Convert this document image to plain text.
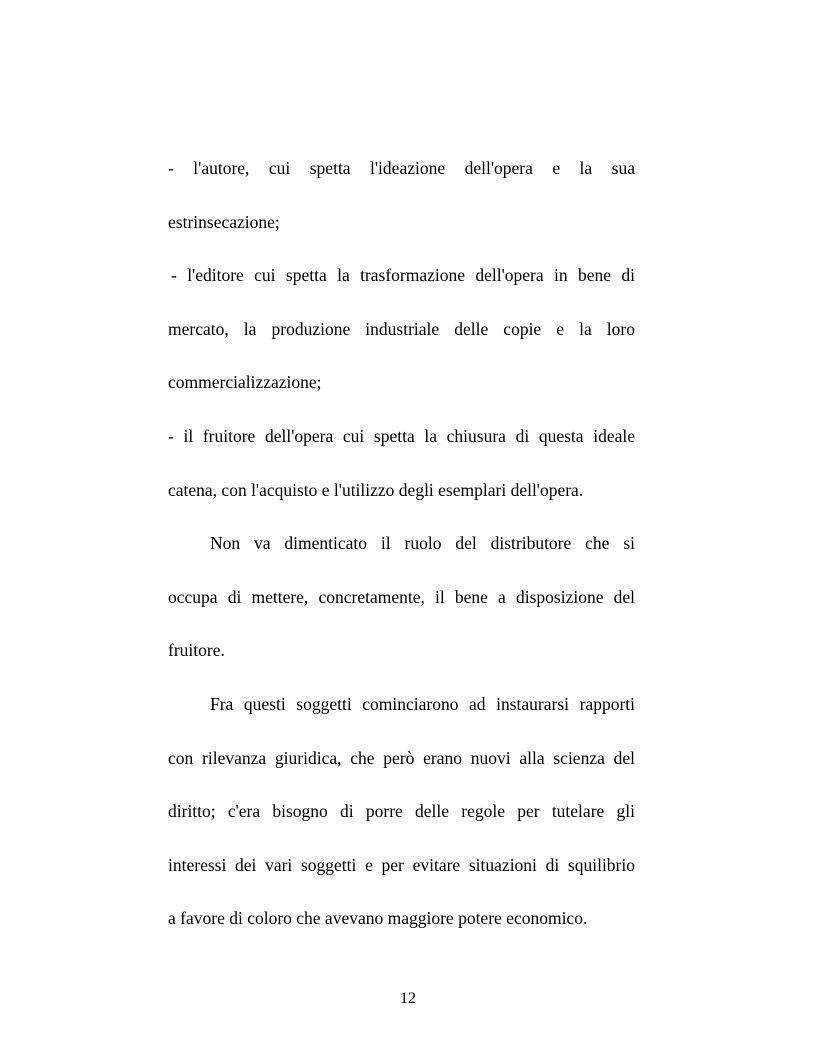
- l'autore, cui spetta l'ideazione dell'opera e la sua
estrinsecazione;
- l'editore cui spetta la trasformazione dell'opera in bene di
mercato, la produzione industriale delle copie e la loro
commercializzazione;
- il fruitore dell'opera cui spetta la chiusura di questa ideale
catena, con l'acquisto e l'utilizzo degli esemplari dell'opera.
Non va dimenticato il ruolo del distributore che si
occupa di mettere, concretamente, il bene a disposizione del
fruitore.
Fra questi soggetti cominciarono ad instaurarsi rapporti
con rilevanza giuridica, che però erano nuovi alla scienza del
diritto; c'era bisogno di porre delle regole per tutelare gli
interessi dei vari soggetti e per evitare situazioni di squilibrio
a favore di coloro che avevano maggiore potere economico.
12
